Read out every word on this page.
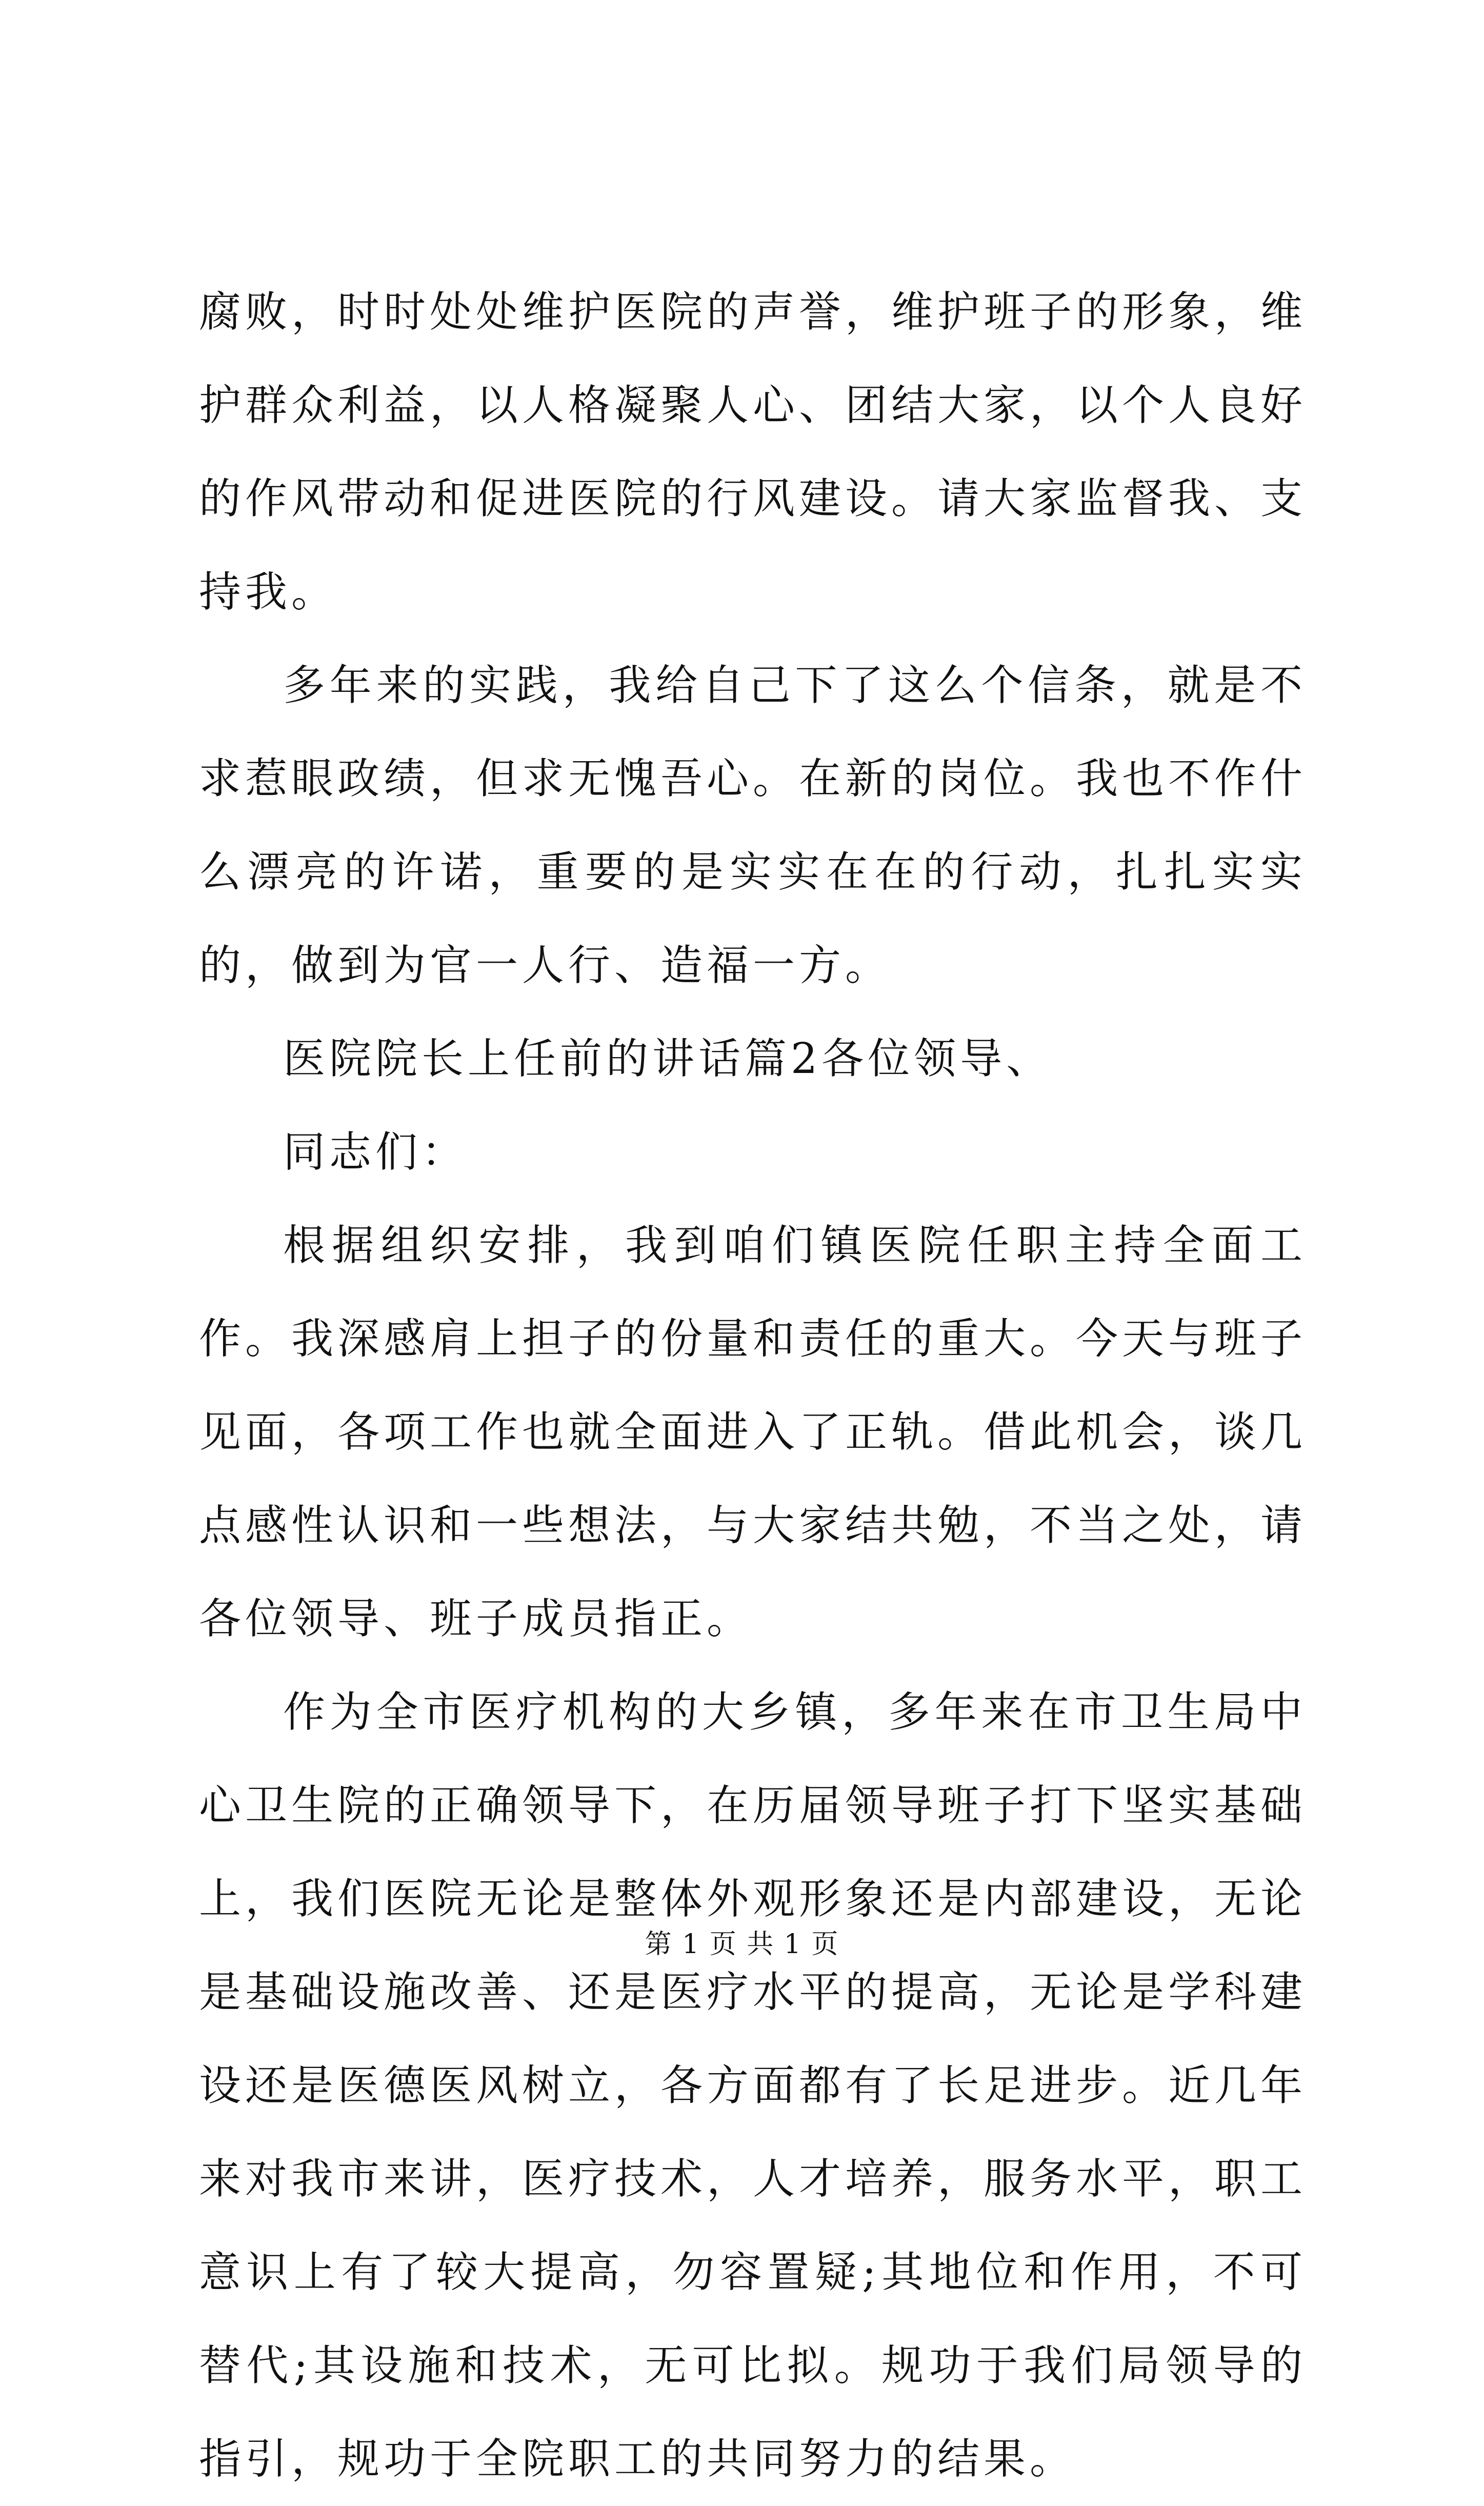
腐败，时时处处维护医院的声誉，维护班子的形象，维护群众利益，以人格凝聚人心、团结大家，以个人良好的作风带动和促进医院的行风建设。请大家监督我、支持我。

多年来的实践，我给自己下了这么个信条，就是不求惹眼政绩，但求无愧吾心。在新的岗位。我也不作什么漂亮的许诺，重要的是实实在在的行动，扎扎实实的，做到为官一人行、造福一方。

医院院长上任前的讲话篇2各位领导、

同志们：

根据组织安排，我到咱们镇医院任职主持全面工作。我深感肩上担子的份量和责任的重大。今天与班子见面，各项工作也就全面进入了正轨。借此机会，谈几点感性认识和一些想法，与大家结共勉，不当之处，请各位领导、班子成员指正。

作为全市医疗机构的大乡镇，多年来在市卫生局中心卫生院的正确领导下，在历届领导班子打下坚实基础上，我们医院无论是整体外观形象还是内部建设，无论是基础设施改善、还是医疗水平的提高，无论是学科建设还是医德医风树立，各方面都有了长足进步。近几年来对我市来讲，医疗技术，人才培养，服务水平，职工意识上有了较大提高，勿容置疑;其地位和作用，不可替代;其设施和技术，无可比拟。规功于我们局领导的指引，规功于全院职工的共同努力的结果。

第 1 页 共 1 页
